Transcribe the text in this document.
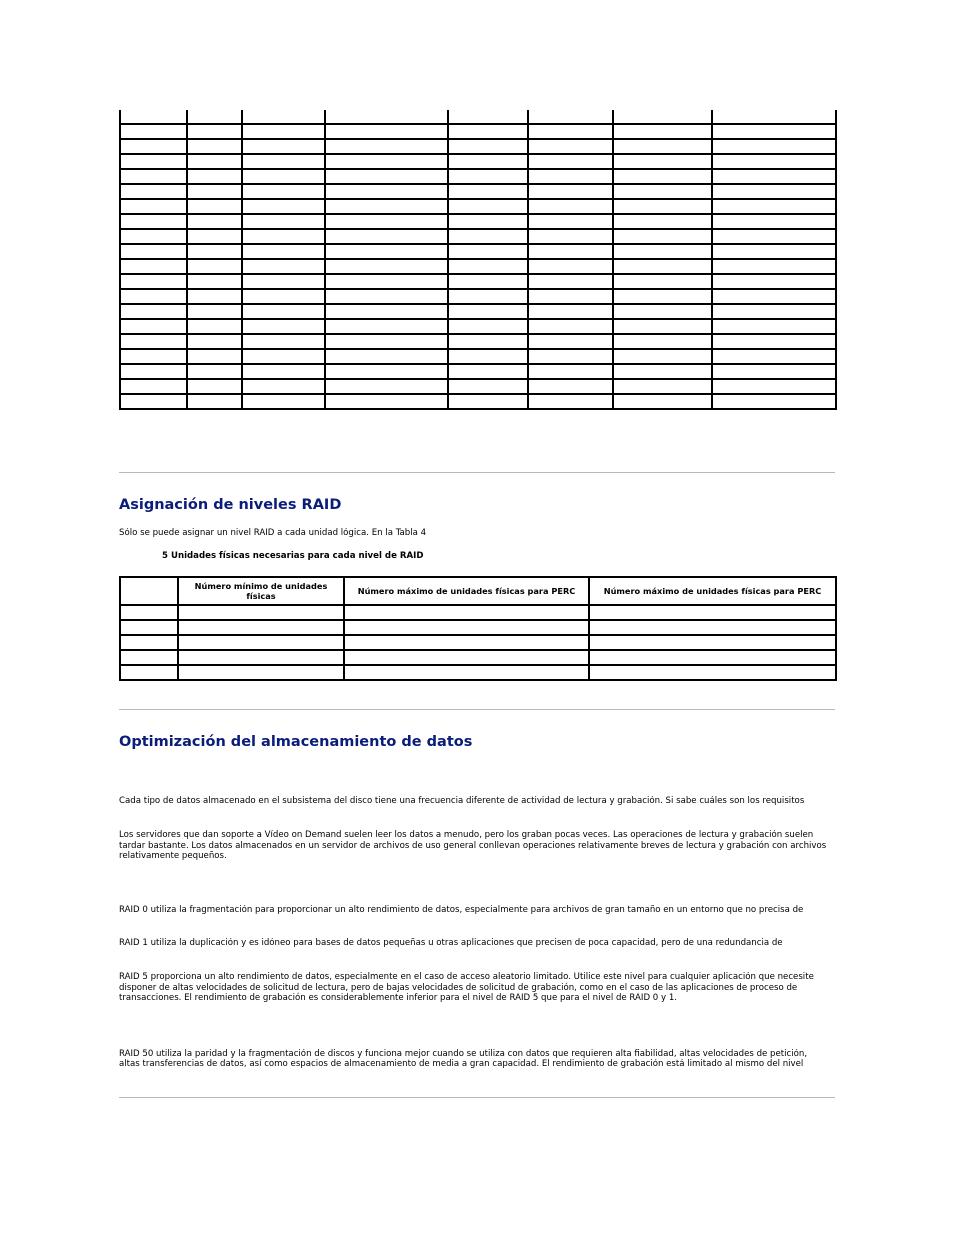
Asignación de niveles RAID

Sólo se puede asignar un nivel RAID a cada unidad lógica. En la Tabla 4

5 Unidades físicas necesarias para cada nivel de RAID

	Número mínimo de unidades físicas	Número máximo de unidades físicas para PERC	Número máximo de unidades físicas para PERC

Optimización del almacenamiento de datos

Cada tipo de datos almacenado en el subsistema del disco tiene una frecuencia diferente de actividad de lectura y grabación. Si sabe cuáles son los requisitos

Los servidores que dan soporte a Vídeo on Demand suelen leer los datos a menudo, pero los graban pocas veces. Las operaciones de lectura y grabación suelen tardar bastante. Los datos almacenados en un servidor de archivos de uso general conllevan operaciones relativamente breves de lectura y grabación con archivos relativamente pequeños.

RAID 0 utiliza la fragmentación para proporcionar un alto rendimiento de datos, especialmente para archivos de gran tamaño en un entorno que no precisa de

RAID 1 utiliza la duplicación y es idóneo para bases de datos pequeñas u otras aplicaciones que precisen de poca capacidad, pero de una redundancia de

RAID 5 proporciona un alto rendimiento de datos, especialmente en el caso de acceso aleatorio limitado. Utilice este nivel para cualquier aplicación que necesite disponer de altas velocidades de solicitud de lectura, pero de bajas velocidades de solicitud de grabación, como en el caso de las aplicaciones de proceso de transacciones. El rendimiento de grabación es considerablemente inferior para el nivel de RAID 5 que para el nivel de RAID 0 y 1.

RAID 50 utiliza la paridad y la fragmentación de discos y funciona mejor cuando se utiliza con datos que requieren alta fiabilidad, altas velocidades de petición,

altas transferencias de datos, así como espacios de almacenamiento de media a gran capacidad. El rendimiento de grabación está limitado al mismo del nivel
